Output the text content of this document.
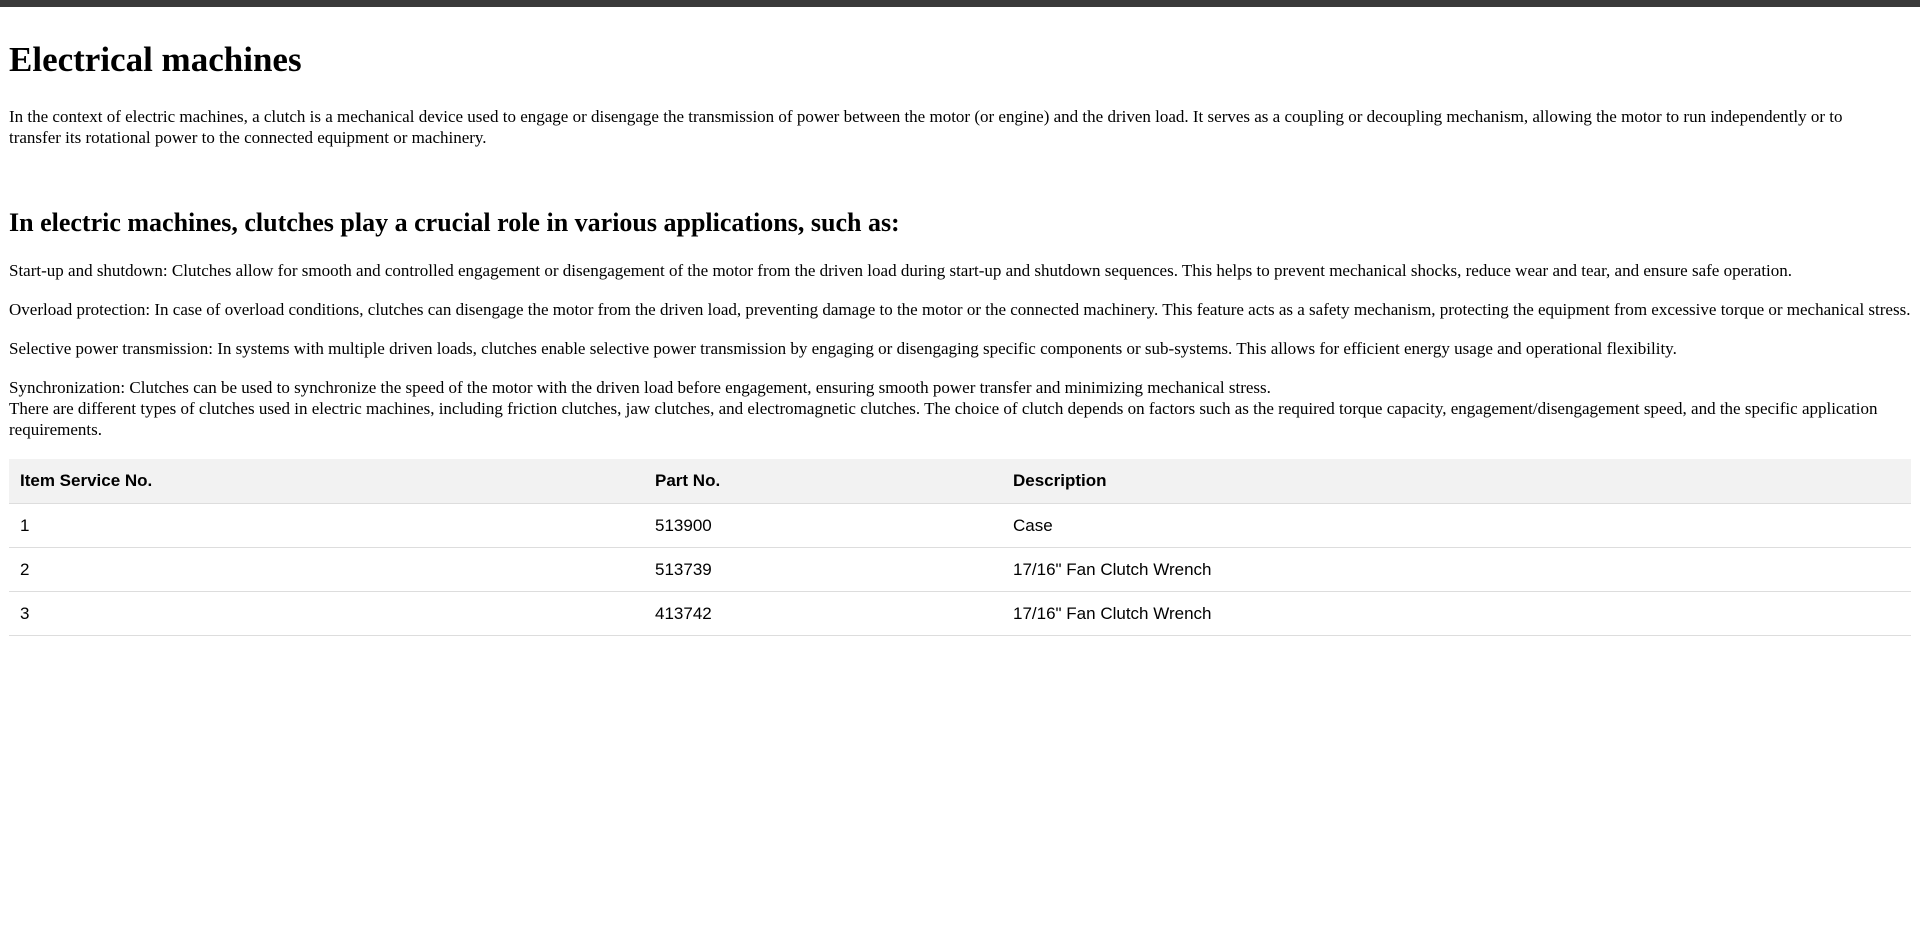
Electrical machines

In the context of electric machines, a clutch is a mechanical device used to engage or disengage the transmission of power between the motor (or engine) and the driven load. It serves as a coupling or decoupling mechanism, allowing the motor to run independently or to transfer its rotational power to the connected equipment or machinery.

In electric machines, clutches play a crucial role in various applications, such as:

Start-up and shutdown: Clutches allow for smooth and controlled engagement or disengagement of the motor from the driven load during start-up and shutdown sequences. This helps to prevent mechanical shocks, reduce wear and tear, and ensure safe operation.

Overload protection: In case of overload conditions, clutches can disengage the motor from the driven load, preventing damage to the motor or the connected machinery. This feature acts as a safety mechanism, protecting the equipment from excessive torque or mechanical stress.

Selective power transmission: In systems with multiple driven loads, clutches enable selective power transmission by engaging or disengaging specific components or sub-systems. This allows for efficient energy usage and operational flexibility.

Synchronization: Clutches can be used to synchronize the speed of the motor with the driven load before engagement, ensuring smooth power transfer and minimizing mechanical stress.

There are different types of clutches used in electric machines, including friction clutches, jaw clutches, and electromagnetic clutches. The choice of clutch depends on factors such as the required torque capacity, engagement/disengagement speed, and the specific application requirements.

Item Service No.	Part No.	Description
1	513900	Case
2	513739	17/16" Fan Clutch Wrench
3	413742	17/16" Fan Clutch Wrench
